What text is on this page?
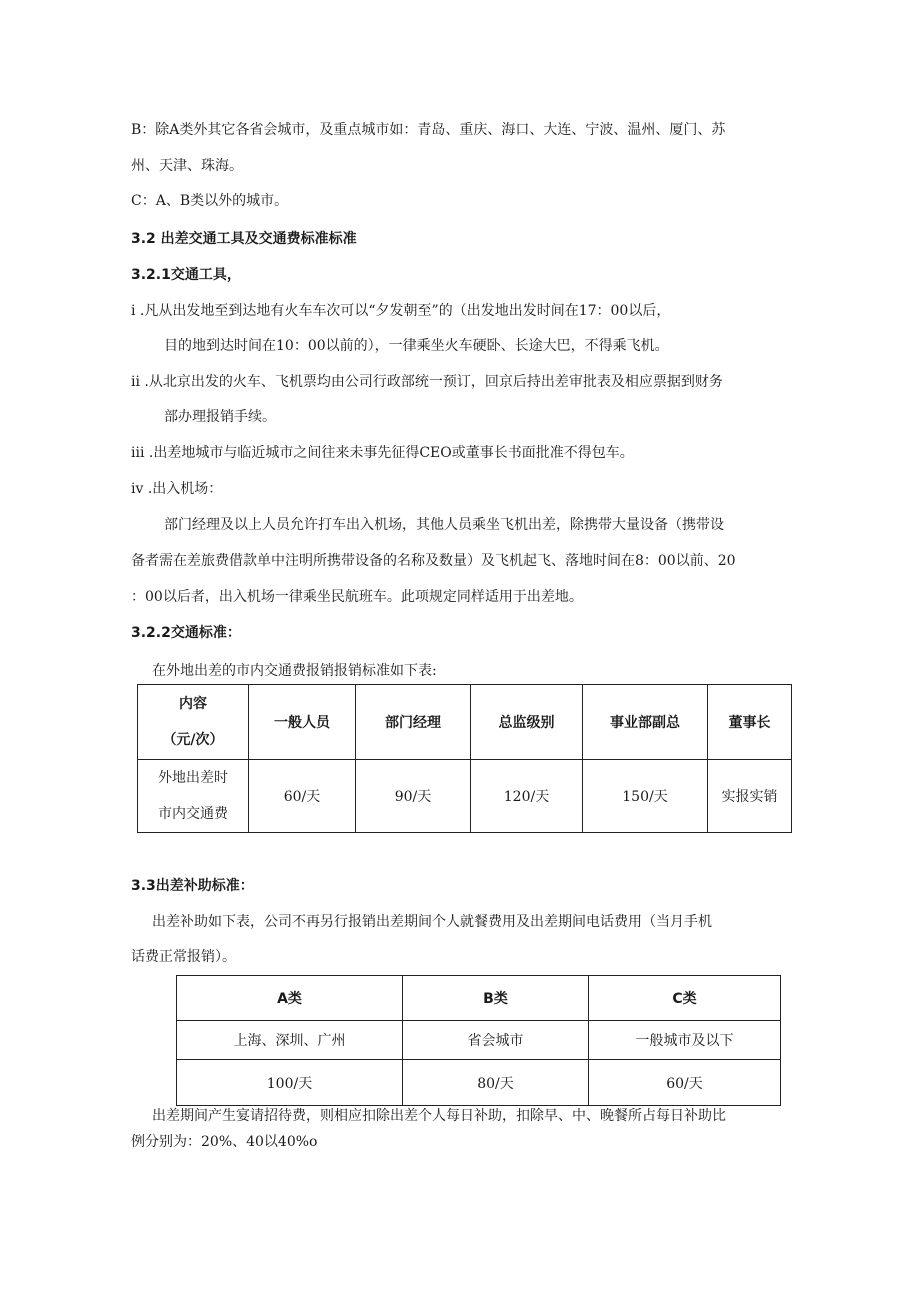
B：除A类外其它各省会城市，及重点城市如：青岛、重庆、海口、大连、宁波、温州、厦门、苏
州、天津、珠海。
C：A、B类以外的城市。
3.2 出差交通工具及交通费标准标准
3.2.1交通工具，
i .凡从出发地至到达地有火车车次可以“夕发朝至”的（出发地出发时间在17：00以后，
目的地到达时间在10：00以前的），一律乘坐火车硬卧、长途大巴，不得乘飞机。
ii .从北京出发的火车、飞机票均由公司行政部统一预订，回京后持出差审批表及相应票据到财务
部办理报销手续。
iii .出差地城市与临近城市之间往来未事先征得CEO或董事长书面批准不得包车。
iv .出入机场：
部门经理及以上人员允许打车出入机场，其他人员乘坐飞机出差，除携带大量设备（携带设
备者需在差旅费借款单中注明所携带设备的名称及数量）及飞机起飞、落地时间在8：00以前、20
：00以后者，出入机场一律乘坐民航班车。此项规定同样适用于出差地。
3.2.2交通标准：
在外地出差的市内交通费报销报销标准如下表:
内容
（元/次）	一般人员	部门经理	总监级别	事业部副总	董事长

外地出差时
市内交通费	60/天	90/天	120/天	150/天	实报实销
3.3出差补助标准：
出差补助如下表，公司不再另行报销出差期间个人就餐费用及出差期间电话费用（当月手机
话费正常报销）。
A类	B类	C类
上海、深圳、广州	省会城市	一般城市及以下
100/天	80/天	60/天
出差期间产生宴请招待费，则相应扣除出差个人每日补助，扣除早、中、晚餐所占每日补助比
例分别为：20%、40以40%o
